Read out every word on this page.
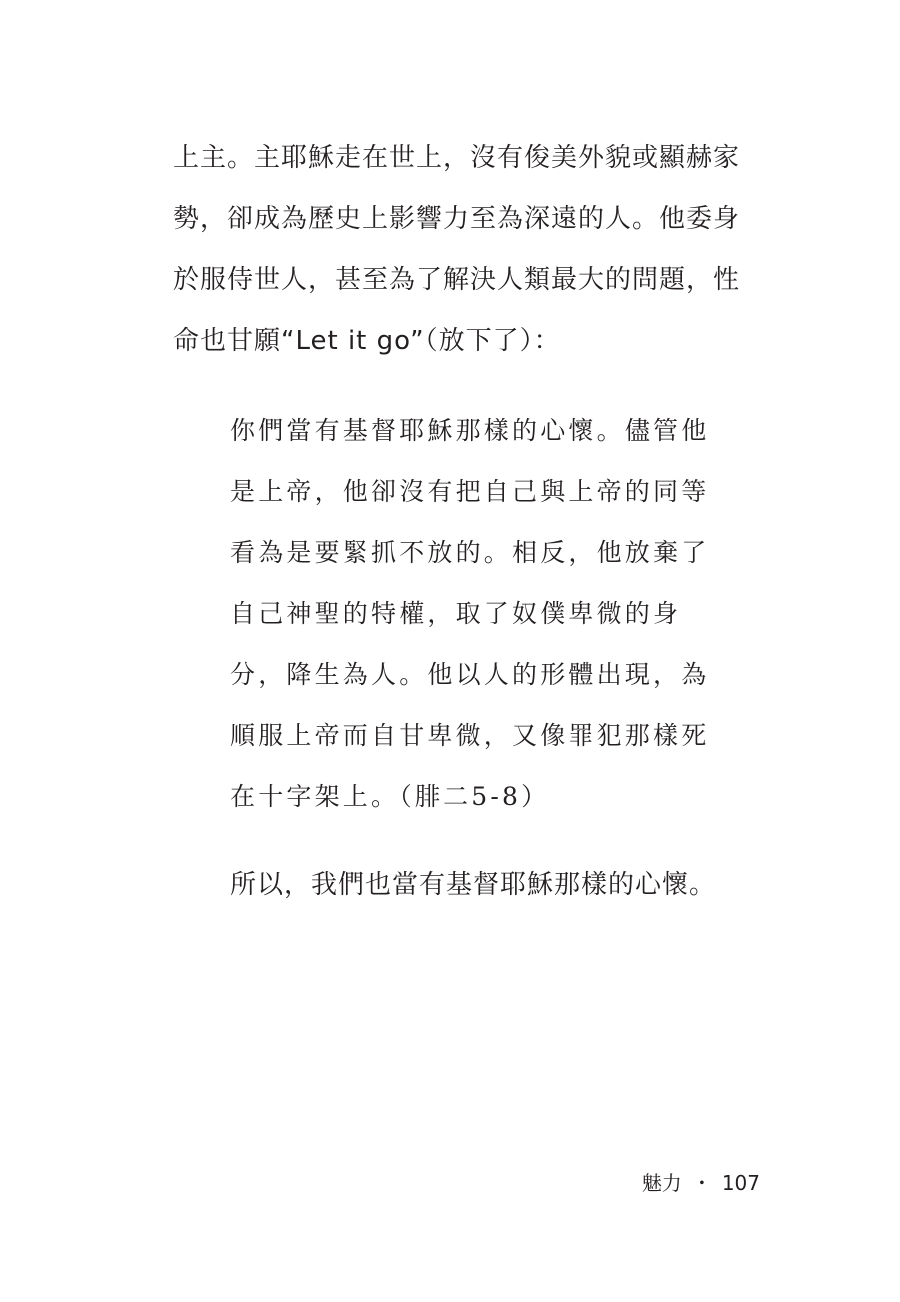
上主。主耶穌走在世上，沒有俊美外貌或顯赫家
勢，卻成為歷史上影響力至為深遠的人。他委身
於服侍世人，甚至為了解決人類最大的問題，性
命也甘願“Let it go”（放下了）：
你們當有基督耶穌那樣的心懷。儘管他
是上帝，他卻沒有把自己與上帝的同等
看為是要緊抓不放的。相反，他放棄了
自己神聖的特權，取了奴僕卑微的身
分，降生為人。他以人的形體出現，為
順服上帝而自甘卑微，又像罪犯那樣死
在十字架上。（腓二5-8）
所以，我們也當有基督耶穌那樣的心懷。
魅力 ・ 107
